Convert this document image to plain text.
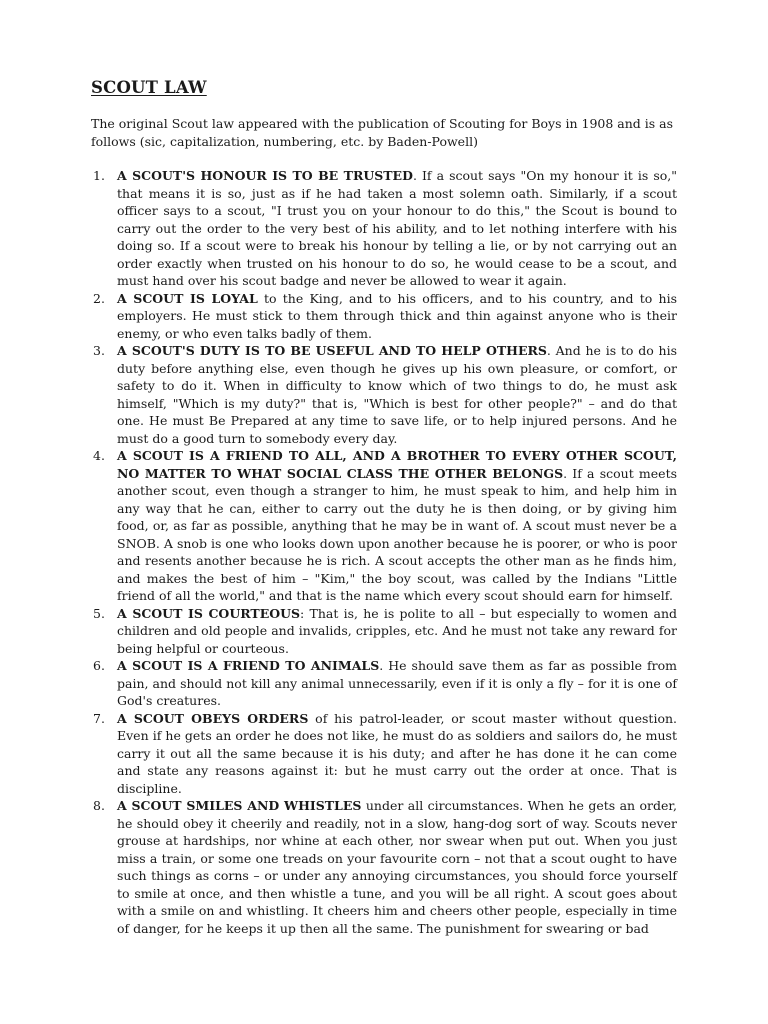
SCOUT LAW

The original Scout law appeared with the publication of Scouting for Boys in 1908 and is as follows (sic, capitalization, numbering, etc. by Baden-Powell)

1. A SCOUT'S HONOUR IS TO BE TRUSTED. If a scout says "On my honour it is so," that means it is so, just as if he had taken a most solemn oath. Similarly, if a scout officer says to a scout, "I trust you on your honour to do this," the Scout is bound to carry out the order to the very best of his ability, and to let nothing interfere with his doing so. If a scout were to break his honour by telling a lie, or by not carrying out an order exactly when trusted on his honour to do so, he would cease to be a scout, and must hand over his scout badge and never be allowed to wear it again.
2. A SCOUT IS LOYAL to the King, and to his officers, and to his country, and to his employers. He must stick to them through thick and thin against anyone who is their enemy, or who even talks badly of them.
3. A SCOUT'S DUTY IS TO BE USEFUL AND TO HELP OTHERS. And he is to do his duty before anything else, even though he gives up his own pleasure, or comfort, or safety to do it. When in difficulty to know which of two things to do, he must ask himself, "Which is my duty?" that is, "Which is best for other people?" – and do that one. He must Be Prepared at any time to save life, or to help injured persons. And he must do a good turn to somebody every day.
4. A SCOUT IS A FRIEND TO ALL, AND A BROTHER TO EVERY OTHER SCOUT, NO MATTER TO WHAT SOCIAL CLASS THE OTHER BELONGS. If a scout meets another scout, even though a stranger to him, he must speak to him, and help him in any way that he can, either to carry out the duty he is then doing, or by giving him food, or, as far as possible, anything that he may be in want of. A scout must never be a SNOB. A snob is one who looks down upon another because he is poorer, or who is poor and resents another because he is rich. A scout accepts the other man as he finds him, and makes the best of him – "Kim," the boy scout, was called by the Indians "Little friend of all the world," and that is the name which every scout should earn for himself.
5. A SCOUT IS COURTEOUS: That is, he is polite to all – but especially to women and children and old people and invalids, cripples, etc. And he must not take any reward for being helpful or courteous.
6. A SCOUT IS A FRIEND TO ANIMALS. He should save them as far as possible from pain, and should not kill any animal unnecessarily, even if it is only a fly – for it is one of God's creatures.
7. A SCOUT OBEYS ORDERS of his patrol-leader, or scout master without question. Even if he gets an order he does not like, he must do as soldiers and sailors do, he must carry it out all the same because it is his duty; and after he has done it he can come and state any reasons against it: but he must carry out the order at once. That is discipline.
8. A SCOUT SMILES AND WHISTLES under all circumstances. When he gets an order, he should obey it cheerily and readily, not in a slow, hang-dog sort of way. Scouts never grouse at hardships, nor whine at each other, nor swear when put out. When you just miss a train, or some one treads on your favourite corn – not that a scout ought to have such things as corns – or under any annoying circumstances, you should force yourself to smile at once, and then whistle a tune, and you will be all right. A scout goes about with a smile on and whistling. It cheers him and cheers other people, especially in time of danger, for he keeps it up then all the same. The punishment for swearing or bad
